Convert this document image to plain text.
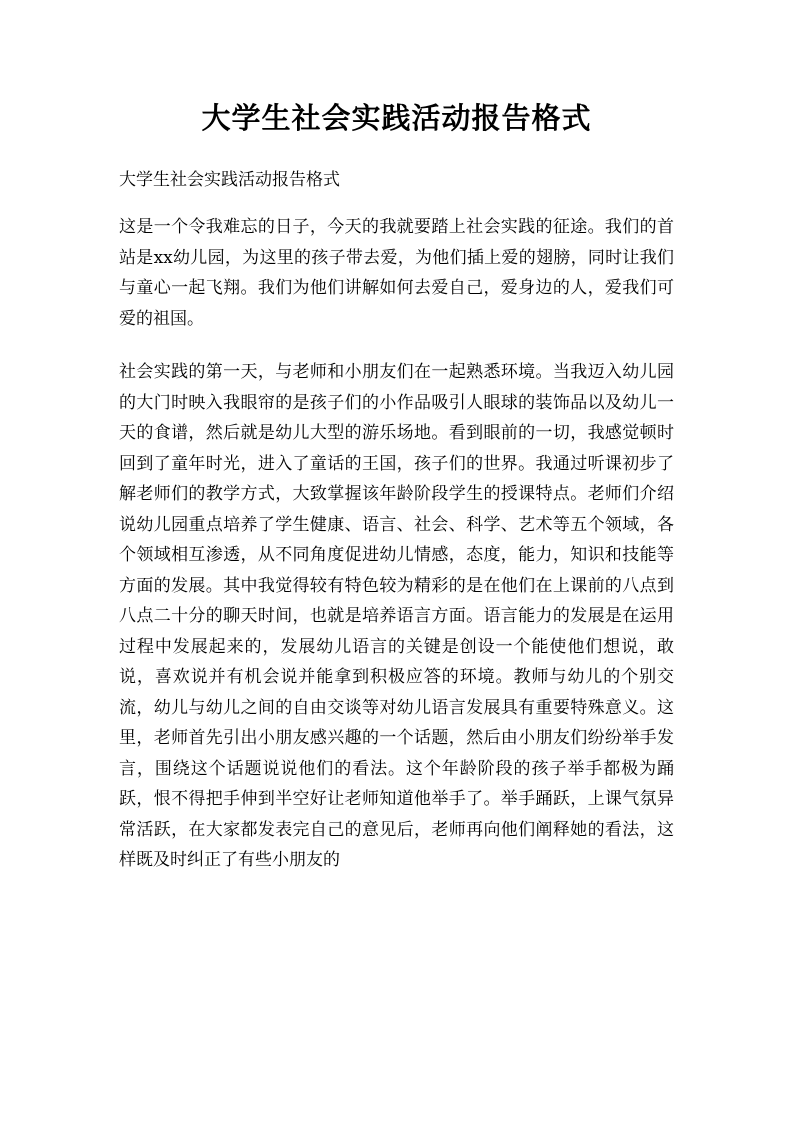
大学生社会实践活动报告格式

大学生社会实践活动报告格式

这是一个令我难忘的日子，今天的我就要踏上社会实践的征途。我们的首站是xx幼儿园，为这里的孩子带去爱，为他们插上爱的翅膀，同时让我们与童心一起飞翔。我们为他们讲解如何去爱自己，爱身边的人，爱我们可爱的祖国。

社会实践的第一天，与老师和小朋友们在一起熟悉环境。当我迈入幼儿园的大门时映入我眼帘的是孩子们的小作品吸引人眼球的装饰品以及幼儿一天的食谱，然后就是幼儿大型的游乐场地。看到眼前的一切，我感觉顿时回到了童年时光，进入了童话的王国，孩子们的世界。我通过听课初步了解老师们的教学方式，大致掌握该年龄阶段学生的授课特点。老师们介绍说幼儿园重点培养了学生健康、语言、社会、科学、艺术等五个领域，各个领域相互渗透，从不同角度促进幼儿情感，态度，能力，知识和技能等方面的发展。其中我觉得较有特色较为精彩的是在他们在上课前的八点到八点二十分的聊天时间，也就是培养语言方面。语言能力的发展是在运用过程中发展起来的，发展幼儿语言的关键是创设一个能使他们想说，敢说，喜欢说并有机会说并能拿到积极应答的环境。教师与幼儿的个别交流，幼儿与幼儿之间的自由交谈等对幼儿语言发展具有重要特殊意义。这里，老师首先引出小朋友感兴趣的一个话题，然后由小朋友们纷纷举手发言，围绕这个话题说说他们的看法。这个年龄阶段的孩子举手都极为踊跃，恨不得把手伸到半空好让老师知道他举手了。举手踊跃，上课气氛异常活跃，在大家都发表完自己的意见后，老师再向他们阐释她的看法，这样既及时纠正了有些小朋友的
